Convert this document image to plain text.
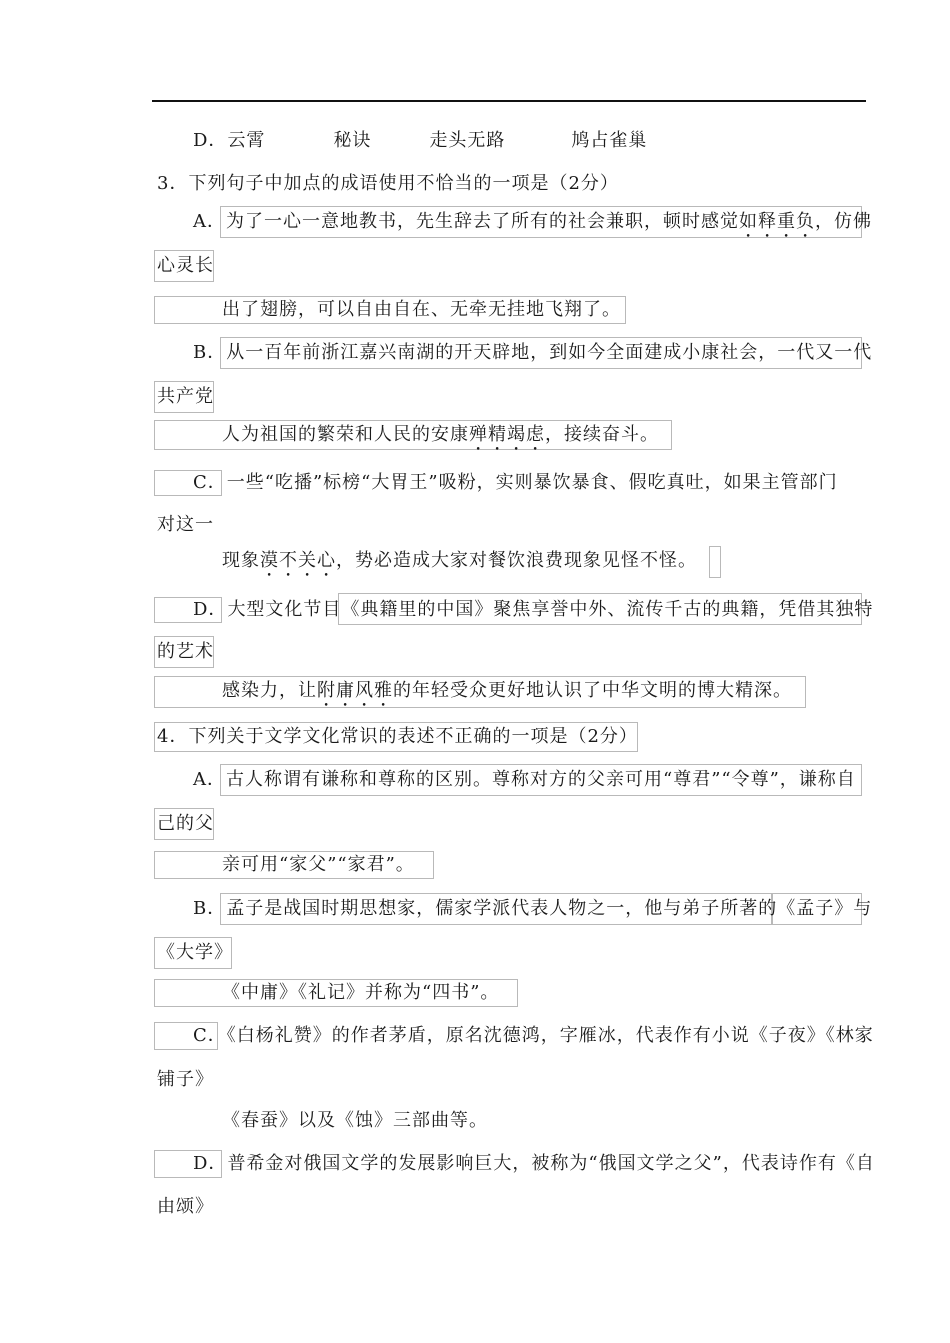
D．云霄	秘诀	走头无路	鸠占雀巢
3．下列句子中加点的成语使用不恰当的一项是（2分）
A．为了一心一意地教书，先生辞去了所有的社会兼职，顿时感觉如释重负，仿佛
心灵长
出了翅膀，可以自由自在、无牵无挂地飞翔了。
B．从一百年前浙江嘉兴南湖的开天辟地，到如今全面建成小康社会，一代又一代
共产党
人为祖国的繁荣和人民的安康殚精竭虑，接续奋斗。
C．一些“吃播”标榜“大胃王”吸粉，实则暴饮暴食、假吃真吐，如果主管部门
对这一
现象漠不关心，势必造成大家对餐饮浪费现象见怪不怪。
D．大型文化节目《典籍里的中国》聚焦享誉中外、流传千古的典籍，凭借其独特
的艺术
感染力，让附庸风雅的年轻受众更好地认识了中华文明的博大精深。
4．下列关于文学文化常识的表述不正确的一项是（2分）
A．古人称谓有谦称和尊称的区别。尊称对方的父亲可用“尊君”“令尊”，谦称自
己的父
亲可用“家父”“家君”。
B．孟子是战国时期思想家，儒家学派代表人物之一，他与弟子所著的《孟子》与
《大学》
《中庸》《礼记》并称为“四书”。
C．《白杨礼赞》的作者茅盾，原名沈德鸿，字雁冰，代表作有小说《子夜》《林家
铺子》
《春蚕》以及《蚀》三部曲等。
D．普希金对俄国文学的发展影响巨大，被称为“俄国文学之父”，代表诗作有《自
由颂》
